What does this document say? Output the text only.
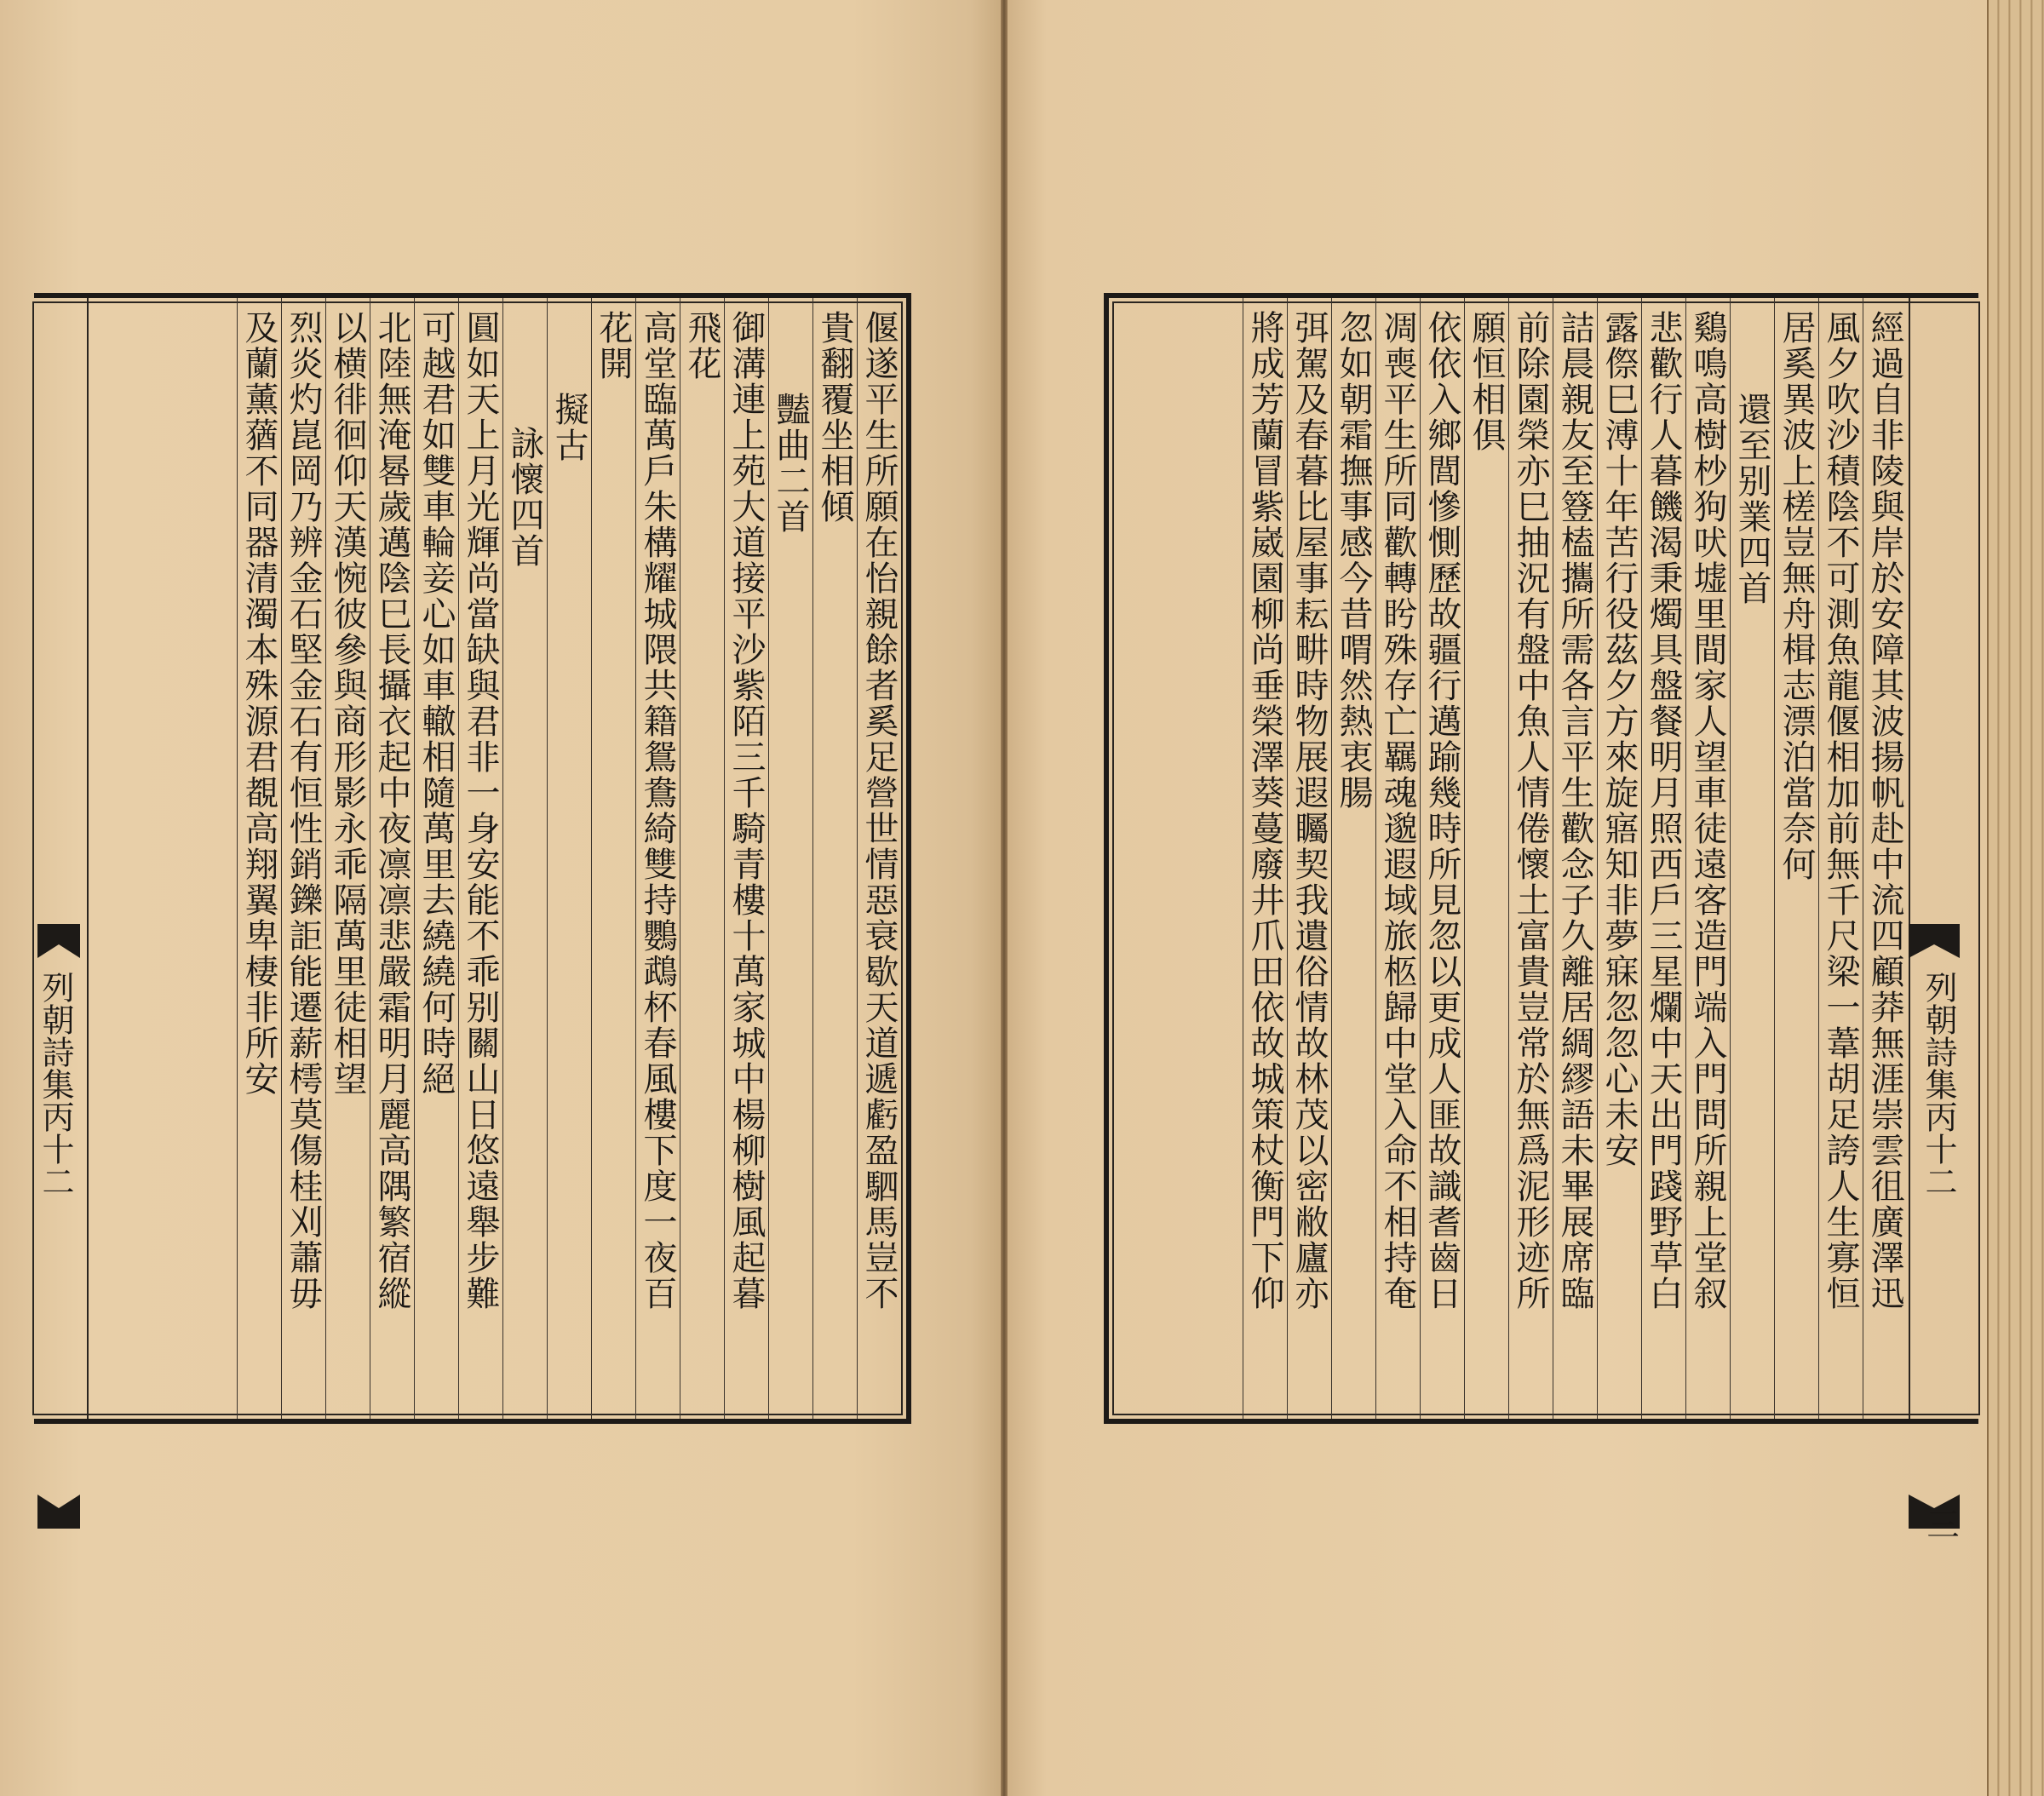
偃遂平生所願在怡親餘者奚足營世情惡衰歇天道遞虧盈駟馬豈不
貴翻覆坐相傾
豔曲二首
御溝連上苑大道接平沙紫陌三千騎青樓十萬家城中楊柳樹風起暮
飛花
高堂臨萬戶朱構耀城隈共籍鴛鴦綺雙持鸚鵡杯春風樓下度一夜百
花開
擬古
詠懷四首
圓如天上月光輝尚當缺與君非一身安能不乖别關山日悠遠舉步難
可越君如雙車輪妾心如車轍相隨萬里去繞繞何時絕
北陸無淹晷歲邁陰巳長攝衣起中夜凛凛悲嚴霜明月麗高隅繁宿縱
以横徘徊仰天漢惋彼參與商形影永乖隔萬里徒相望
烈炎灼崑岡乃辨金石堅金石有恒性銷鑠詎能遷薪樗莫傷桂刈蕭毋
及蘭薰蕕不同器清濁本殊源君覩高翔翼卑棲非所安
列朝詩集丙十二	經過自非陵與岸於安障其波揚帆赴中流四顧莽無涯崇雲徂廣澤迅
風夕吹沙積陰不可測魚龍偃相加前無千尺梁一葦胡足誇人生寡恒
居奚異波上槎豈無舟楫志漂泊當奈何
還至别業四首
鷄鳴高樹杪狗吠墟里間家人望車徒遠客造門端入門問所親上堂叙
悲歡行人暮饑渴秉燭具盤餐明月照西戶三星爛中天出門踐野草白
露傺巳溥十年苦行役茲夕方來旋寤知非夢寐忽忽心未安
詰晨親友至簦榼攜所需各言平生歡念子久離居綢繆語未畢展席臨
前除園榮亦巳抽況有盤中魚人情倦懷土富貴豈常於無爲泥形迹所
願恒相俱
依依入鄉閭慘惻歷故疆行邁踰幾時所見忽以更成人匪故識耆齒日
凋喪平生所同歡轉盻殊存亡羈魂邈遐域旅柩歸中堂入命不相持奄
忽如朝霜撫事感今昔喟然熱衷腸
弭駕及春暮比屋事耘畊時物展遐矚契我遺俗情故林茂以密敝廬亦
將成芳蘭冒紫崴園柳尚垂榮澤葵蔓廢井爪田依故城策杖衡門下仰	列朝詩集丙十二
三
